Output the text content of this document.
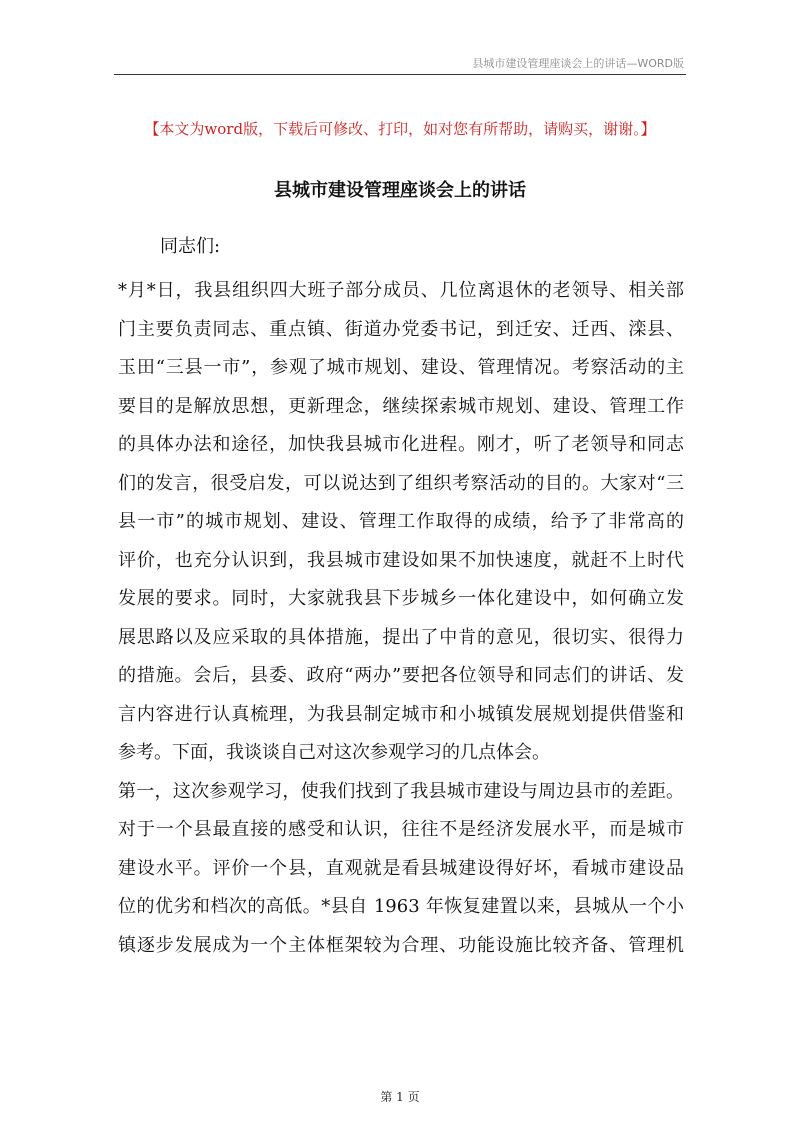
县城市建设管理座谈会上的讲话—WORD版
【本文为word版，下载后可修改、打印，如对您有所帮助，请购买，谢谢。】
县城市建设管理座谈会上的讲话
同志们:
*月*日，我县组织四大班子部分成员、几位离退休的老领导、相关部
门主要负责同志、重点镇、街道办党委书记，到迁安、迁西、滦县、
玉田“三县一市”，参观了城市规划、建设、管理情况。考察活动的主
要目的是解放思想，更新理念，继续探索城市规划、建设、管理工作
的具体办法和途径，加快我县城市化进程。刚才，听了老领导和同志
们的发言，很受启发，可以说达到了组织考察活动的目的。大家对“三
县一市”的城市规划、建设、管理工作取得的成绩，给予了非常高的
评价，也充分认识到，我县城市建设如果不加快速度，就赶不上时代
发展的要求。同时，大家就我县下步城乡一体化建设中，如何确立发
展思路以及应采取的具体措施，提出了中肯的意见，很切实、很得力
的措施。会后，县委、政府“两办”要把各位领导和同志们的讲话、发
言内容进行认真梳理，为我县制定城市和小城镇发展规划提供借鉴和
参考。下面，我谈谈自己对这次参观学习的几点体会。
第一，这次参观学习，使我们找到了我县城市建设与周边县市的差距。
对于一个县最直接的感受和认识，往往不是经济发展水平，而是城市
建设水平。评价一个县，直观就是看县城建设得好坏，看城市建设品
位的优劣和档次的高低。*县自 1963 年恢复建置以来，县城从一个小
镇逐步发展成为一个主体框架较为合理、功能设施比较齐备、管理机
第 1 页
